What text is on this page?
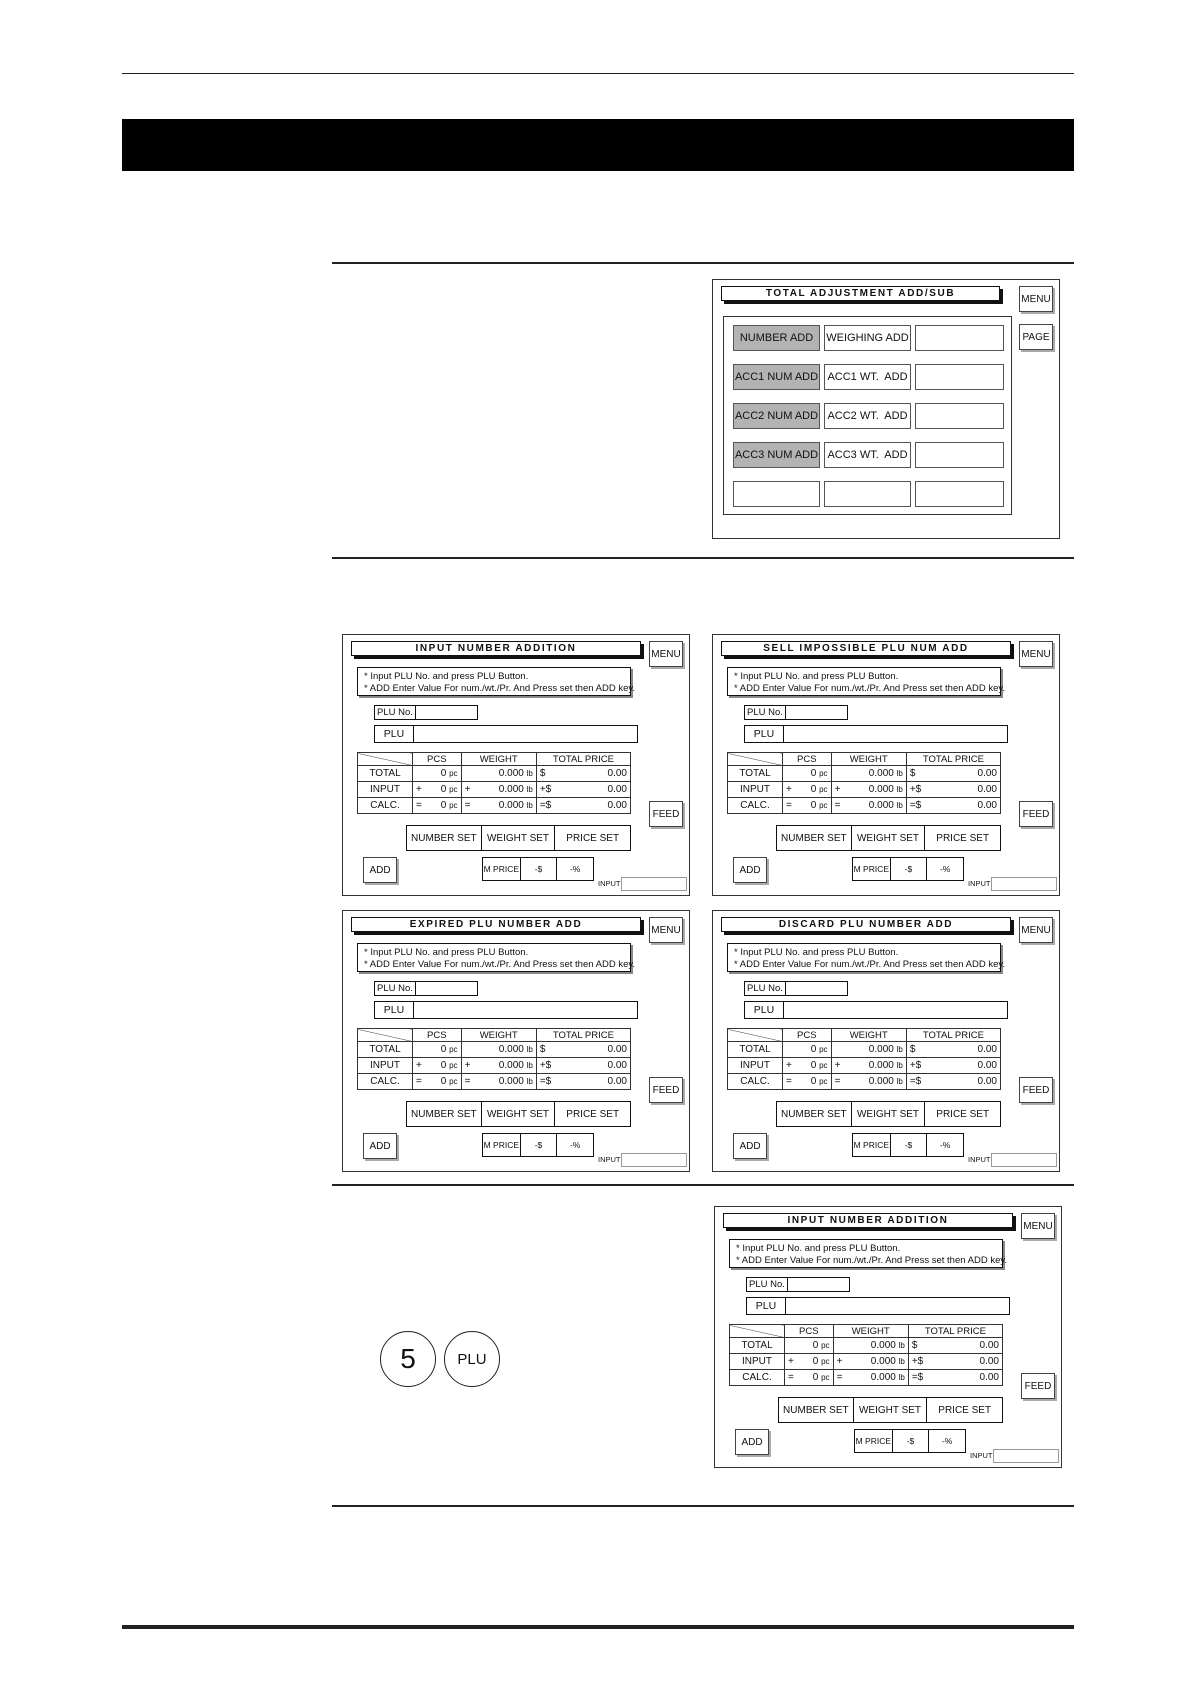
TOTAL ADJUSTMENT ADD/SUB	MENU
PAGE
NUMBER ADD	WEIGHING ADD
ACC1 NUM ADD ACC1 WT.  ADD
ACC2 NUM ADD ACC2 WT.  ADD
ACC3 NUM ADD ACC3 WT.  ADD
INPUT NUMBER ADDITION	MENU
* Input PLU No. and press PLU Button.
* ADD Enter Value For num./wt./Pr. And Press set then ADD key.
PLU No.
PLU
	PCS		WEIGHT		TOTAL PRICE	
TOTAL		0 pc		0.000 lb	$	0.00
INPUT	+	0 pc	+	0.000 lb	+$	0.00
CALC.	=	0 pc	=	0.000 lb	=$	0.00
FEED
NUMBER SET	WEIGHT SET	PRICE SET
ADD	M PRICE	-$	-%
INPUT
SELL IMPOSSIBLE PLU NUM ADD	MENU
* Input PLU No. and press PLU Button.
* ADD Enter Value For num./wt./Pr. And Press set then ADD key.
PLU No.
PLU
	PCS		WEIGHT		TOTAL PRICE	
TOTAL		0 pc		0.000 lb	$	0.00
INPUT	+	0 pc	+	0.000 lb	+$	0.00
CALC.	=	0 pc	=	0.000 lb	=$	0.00
FEED
NUMBER SET	WEIGHT SET	PRICE SET
ADD	M PRICE	-$	-%
INPUT
EXPIRED PLU NUMBER ADD	MENU
* Input PLU No. and press PLU Button.
* ADD Enter Value For num./wt./Pr. And Press set then ADD key.
PLU No.
PLU
	PCS		WEIGHT		TOTAL PRICE	
TOTAL		0 pc		0.000 lb	$	0.00
INPUT	+	0 pc	+	0.000 lb	+$	0.00
CALC.	=	0 pc	=	0.000 lb	=$	0.00
FEED
NUMBER SET	WEIGHT SET	PRICE SET
ADD	M PRICE	-$	-%
INPUT
DISCARD PLU NUMBER ADD	MENU
* Input PLU No. and press PLU Button.
* ADD Enter Value For num./wt./Pr. And Press set then ADD key.
PLU No.
PLU
	PCS		WEIGHT		TOTAL PRICE	
TOTAL		0 pc		0.000 lb	$	0.00
INPUT	+	0 pc	+	0.000 lb	+$	0.00
CALC.	=	0 pc	=	0.000 lb	=$	0.00
FEED
NUMBER SET	WEIGHT SET	PRICE SET
ADD	M PRICE	-$	-%
INPUT
INPUT NUMBER ADDITION	MENU
* Input PLU No. and press PLU Button.
* ADD Enter Value For num./wt./Pr. And Press set then ADD key.
PLU No.
PLU
	PCS		WEIGHT		TOTAL PRICE	
TOTAL		0 pc		0.000 lb	$	0.00
INPUT	+	0 pc	+	0.000 lb	+$	0.00
CALC.	=	0 pc	=	0.000 lb	=$	0.00
FEED
NUMBER SET	WEIGHT SET	PRICE SET
ADD	M PRICE	-$	-%
INPUT
5	PLU
